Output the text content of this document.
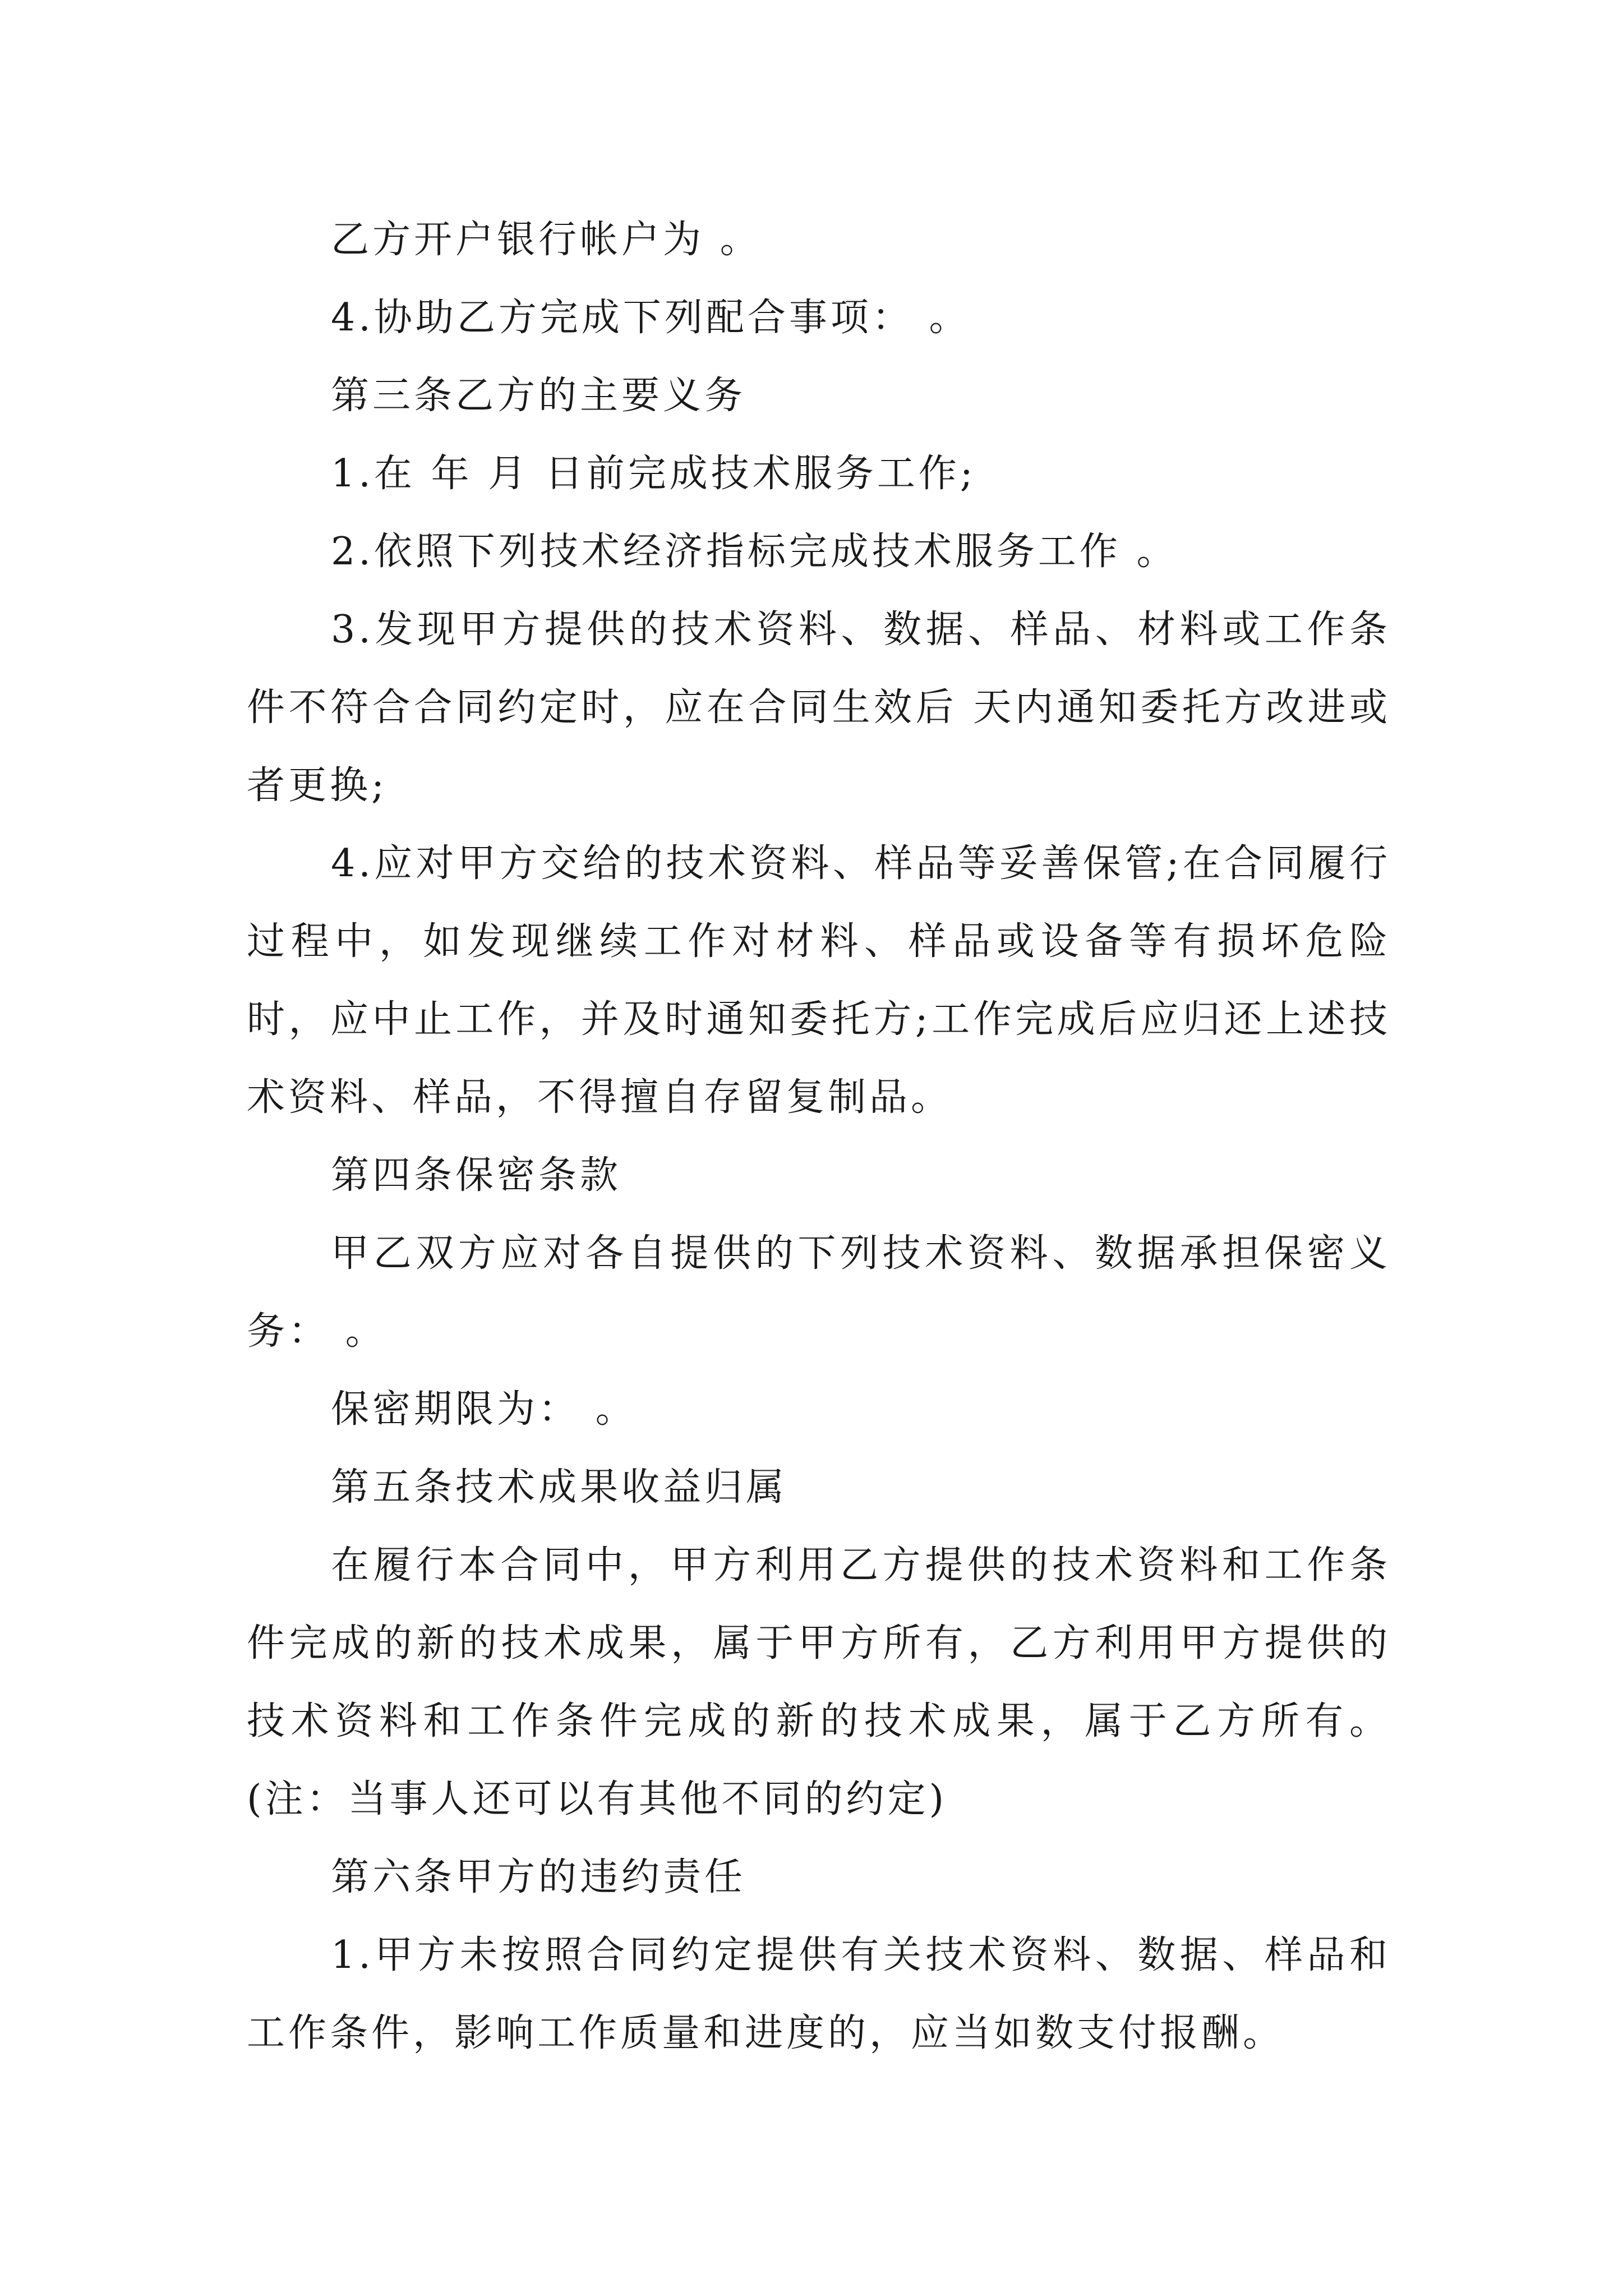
乙方开户银行帐户为 。

4.协助乙方完成下列配合事项： 。

第三条乙方的主要义务

1.在 年 月 日前完成技术服务工作;

2.依照下列技术经济指标完成技术服务工作 。

3.发现甲方提供的技术资料、数据、样品、材料或工作条件不符合合同约定时，应在合同生效后 天内通知委托方改进或者更换;

4.应对甲方交给的技术资料、样品等妥善保管;在合同履行过程中，如发现继续工作对材料、样品或设备等有损坏危险时，应中止工作，并及时通知委托方;工作完成后应归还上述技术资料、样品，不得擅自存留复制品。

第四条保密条款

甲乙双方应对各自提供的下列技术资料、数据承担保密义务： 。

保密期限为： 。

第五条技术成果收益归属

在履行本合同中，甲方利用乙方提供的技术资料和工作条件完成的新的技术成果，属于甲方所有，乙方利用甲方提供的技术资料和工作条件完成的新的技术成果，属于乙方所有。(注：当事人还可以有其他不同的约定)

第六条甲方的违约责任

1.甲方未按照合同约定提供有关技术资料、数据、样品和工作条件，影响工作质量和进度的，应当如数支付报酬。
